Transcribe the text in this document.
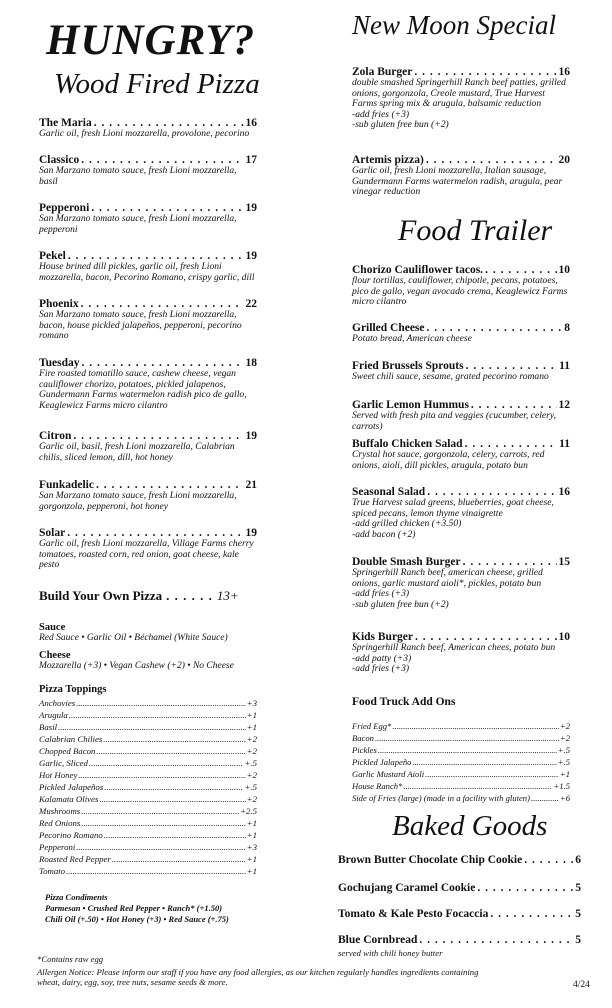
HUNGRY?
Wood Fired Pizza
New Moon Special
Food Trailer
Baked Goods
The Maria . . .	16
Garlic oil, fresh Lioni mozzarella, provolone, pecorino
Classico . . .	17
San Marzano tomato sauce, fresh Lioni mozzarella, basil
Pepperoni . . .	19
San Marzano tomato sauce, fresh Lioni mozzarella, pepperoni
Pekel . . .	19
House brined dill pickles, garlic oil, fresh Lioni mozzarella, bacon, Pecorino Romano, crispy garlic, dill
Phoenix . . .	22
San Marzano tomato sauce, fresh Lioni mozzarella, bacon, house pickled jalapeños, pepperoni, pecorino romano
Tuesday . . .	18
Fire roasted tomatillo sauce, cashew cheese, vegan cauliflower chorizo, potatoes, pickled jalapenos, Gundermann Farms watermelon radish pico de gallo, Keaglewicz Farms micro cilantro
Citron . . .	19
Garlic oil, basil, fresh Lioni mozzarella, Calabrian chilis, sliced lemon, dill, hot honey
Funkadelic . . .	21
San Marzano tomato sauce, fresh Lioni mozzarella, gorgonzola, pepperoni, hot honey
Solar . . .	19
Garlic oil, fresh Lioni mozzarella, Village Farms cherry tomatoes, roasted corn, red onion, goat cheese, kale pesto
Build Your Own Pizza . . . . . . 13+
Sauce
Red Sauce • Garlic Oil • Béchamel (White Sauce)
Cheese
Mozzarella (+3) • Vegan Cashew (+2) • No Cheese
Pizza Toppings
Anchovies .....	+3
Arugula .....	+1
Basil .....	+1
Calabrian Chilies .....	+2
Chopped Bacon .....	+2
Garlic, Sliced .....	+.5
Hot Honey .....	+2
Pickled Jalapeños .....	+.5
Kalamata Olives .....	+2
Mushrooms .....	+2.5
Red Onions .....	+1
Pecorino Romano .....	+1
Pepperoni .....	+3
Roasted Red Pepper .....	+1
Tomato .....	+1
Pizza Condiments
Parmesan • Crushed Red Pepper • Ranch* (+1.50)
Chili Oil (+.50) • Hot Honey (+3) • Red Sauce (+.75)
Zola Burger . . .	16
double smashed Springerhill Ranch beef patties, grilled onions, gorgonzola, Creole mustard, True Harvest Farms spring mix & arugula, balsamic reduction
-add fries (+3)
-sub gluten free bun (+2)
Artemis pizza) . . .	20
Garlic oil, fresh Lioni mozzarella, Italian sausage, Gundermann Farms watermelon radish, arugula, pear vinegar reduction
Chorizo Cauliflower tacos. . . .	10
flour tortillas, cauliflower, chipotle, pecans, potatoes, pico de gallo, vegan avocado crema, Keaglewicz Farms micro cilantro
Grilled Cheese . . .	8
Potato bread, American cheese
Fried Brussels Sprouts . . .	11
Sweet chili sauce, sesame, grated pecorino romano
Garlic Lemon Hummus . . .	12
Served with fresh pita and veggies (cucumber, celery, carrots)
Buffalo Chicken Salad . . .	11
Crystal hot sauce, gorgonzola, celery, carrots, red onions, aioli, dill pickles, arugula, potato bun
Seasonal Salad . . .	16
True Harvest salad greens, blueberries, goat cheese, spiced pecans, lemon thyme vinaigrette
-add grilled chicken (+3.50)
-add bacon (+2)
Double Smash Burger . . .	15
Springerhill Ranch beef, american cheese, grilled onions, garlic mustard aioli*, pickles, potato bun
-add fries (+3)
-sub gluten free bun (+2)
Kids Burger . . .	10
Springerhill Ranch beef, American chees, potato bun
-add patty (+3)
-add fries (+3)
Food Truck Add Ons
Fried Egg* .....	+2
Bacon .....	+2
Pickles .....	+.5
Pickled Jalapeño .....	+.5
Garlic Mustard Aioli .....	+1
House Ranch* .....	+1.5
Side of Fries (large) (made in a facility with gluten) .....	+6
Brown Butter Chocolate Chip Cookie . . .	6
Gochujang Caramel Cookie . . .	5
Tomato & Kale Pesto Focaccia . . .	5
Blue Cornbread . . .	5
served with chili honey butter
*Contains raw egg
Allergen Notice: Please inform our staff if you have any food allergies, as our kitchen regularly handles ingredients containing
wheat, dairy, egg, soy, tree nuts, sesame seeds & more.	4/24
